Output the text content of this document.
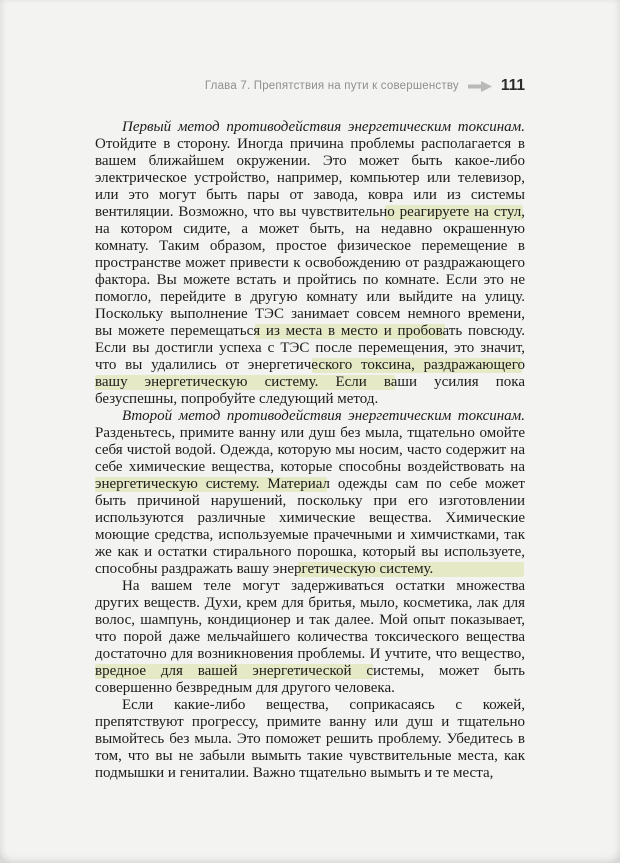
Глава 7. Препятствия на пути к совершенству	111

Первый метод противодействия энергетическим токсинам. Отойдите в сторону. Иногда причина проблемы располагается в вашем ближайшем окружении. Это может быть какое-либо электрическое устройство, например, компьютер или телевизор, или это могут быть пары от завода, ковра или из системы вентиляции. Возможно, что вы чувствительно реагируете на стул, на котором сидите, а может быть, на недавно окрашенную комнату. Таким образом, простое физическое перемещение в пространстве может привести к освобождению от раздражающего фактора. Вы можете встать и пройтись по комнате. Если это не помогло, перейдите в другую комнату или выйдите на улицу. Поскольку выполнение ТЭС занимает совсем немного времени, вы можете перемещаться из места в место и пробовать повсюду. Если вы достигли успеха с ТЭС после перемещения, это значит, что вы удалились от энергетического токсина, раздражающего вашу энергетическую систему. Если ваши усилия пока безуспешны, попробуйте следующий метод.

Второй метод противодействия энергетическим токсинам. Разденьтесь, примите ванну или душ без мыла, тщательно омойте себя чистой водой. Одежда, которую мы носим, часто содержит на себе химические вещества, которые способны воздействовать на энергетическую систему. Материал одежды сам по себе может быть причиной нарушений, поскольку при его изготовлении используются различные химические вещества. Химические моющие средства, используемые прачечными и химчистками, так же как и остатки стирального порошка, который вы используете, способны раздражать вашу энергетическую систему.

На вашем теле могут задерживаться остатки множества других веществ. Духи, крем для бритья, мыло, косметика, лак для волос, шампунь, кондиционер и так далее. Мой опыт показывает, что порой даже мельчайшего количества токсического вещества достаточно для возникновения проблемы. И учтите, что вещество, вредное для вашей энергетической системы, может быть совершенно безвредным для другого человека.

Если какие-либо вещества, соприкасаясь с кожей, препятствуют прогрессу, примите ванну или душ и тщательно вымойтесь без мыла. Это поможет решить проблему. Убедитесь в том, что вы не забыли вымыть такие чувствительные места, как подмышки и гениталии. Важно тщательно вымыть и те места,
